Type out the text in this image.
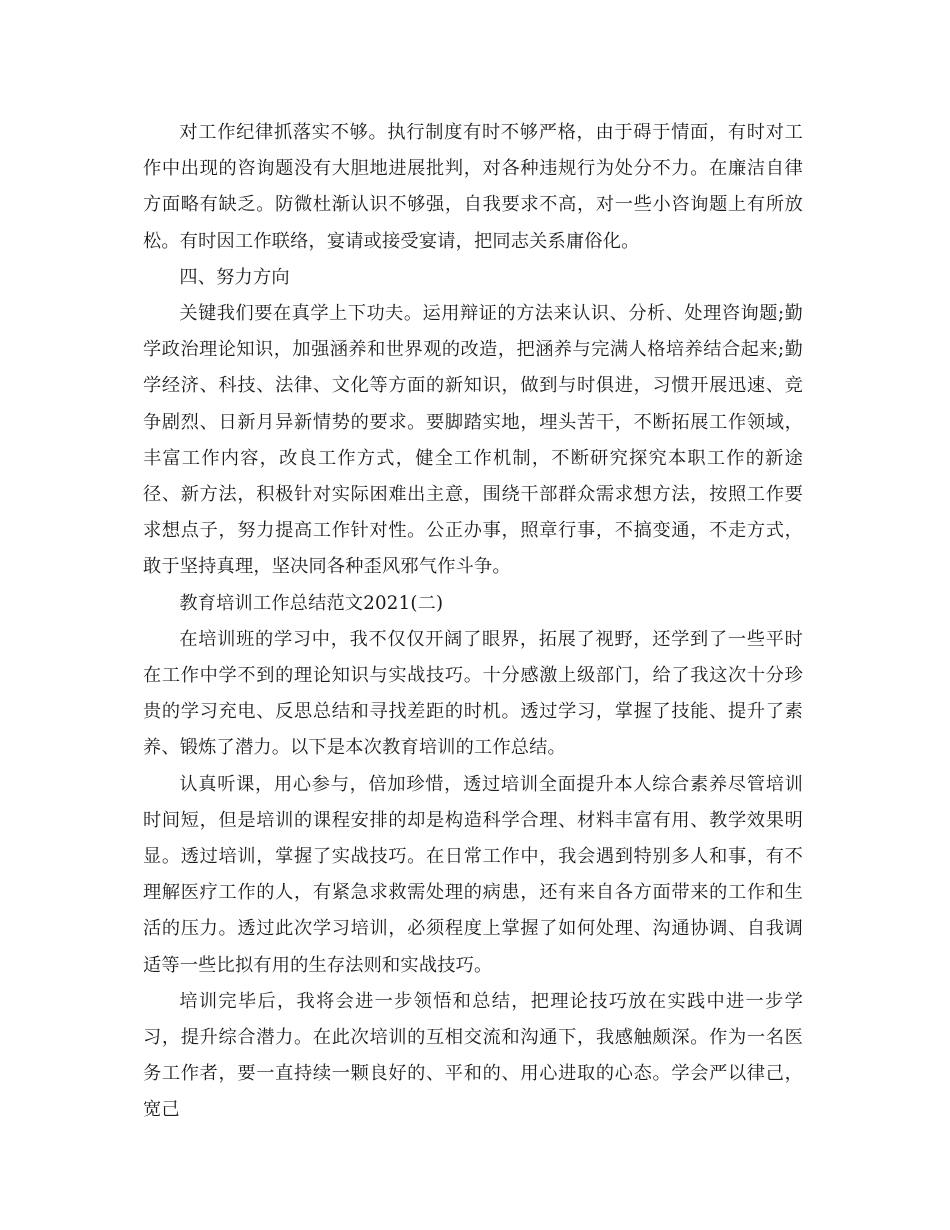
对工作纪律抓落实不够。执行制度有时不够严格，由于碍于情面，有时对工作中出现的咨询题没有大胆地进展批判，对各种违规行为处分不力。在廉洁自律方面略有缺乏。防微杜渐认识不够强，自我要求不高，对一些小咨询题上有所放松。有时因工作联络，宴请或接受宴请，把同志关系庸俗化。

四、努力方向

关键我们要在真学上下功夫。运用辩证的方法来认识、分析、处理咨询题;勤学政治理论知识，加强涵养和世界观的改造，把涵养与完满人格培养结合起来;勤学经济、科技、法律、文化等方面的新知识，做到与时俱进，习惯开展迅速、竞争剧烈、日新月异新情势的要求。要脚踏实地，埋头苦干，不断拓展工作领域，丰富工作内容，改良工作方式，健全工作机制，不断研究探究本职工作的新途径、新方法，积极针对实际困难出主意，围绕干部群众需求想方法，按照工作要求想点子，努力提高工作针对性。公正办事，照章行事，不搞变通，不走方式，敢于坚持真理，坚决同各种歪风邪气作斗争。

教育培训工作总结范文2021(二)

在培训班的学习中，我不仅仅开阔了眼界，拓展了视野，还学到了一些平时在工作中学不到的理论知识与实战技巧。十分感激上级部门，给了我这次十分珍贵的学习充电、反思总结和寻找差距的时机。透过学习，掌握了技能、提升了素养、锻炼了潜力。以下是本次教育培训的工作总结。

认真听课，用心参与，倍加珍惜，透过培训全面提升本人综合素养尽管培训时间短，但是培训的课程安排的却是构造科学合理、材料丰富有用、教学效果明显。透过培训，掌握了实战技巧。在日常工作中，我会遇到特别多人和事，有不理解医疗工作的人，有紧急求救需处理的病患，还有来自各方面带来的工作和生活的压力。透过此次学习培训，必须程度上掌握了如何处理、沟通协调、自我调适等一些比拟有用的生存法则和实战技巧。

培训完毕后，我将会进一步领悟和总结，把理论技巧放在实践中进一步学习，提升综合潜力。在此次培训的互相交流和沟通下，我感触颇深。作为一名医务工作者，要一直持续一颗良好的、平和的、用心进取的心态。学会严以律己，宽己
